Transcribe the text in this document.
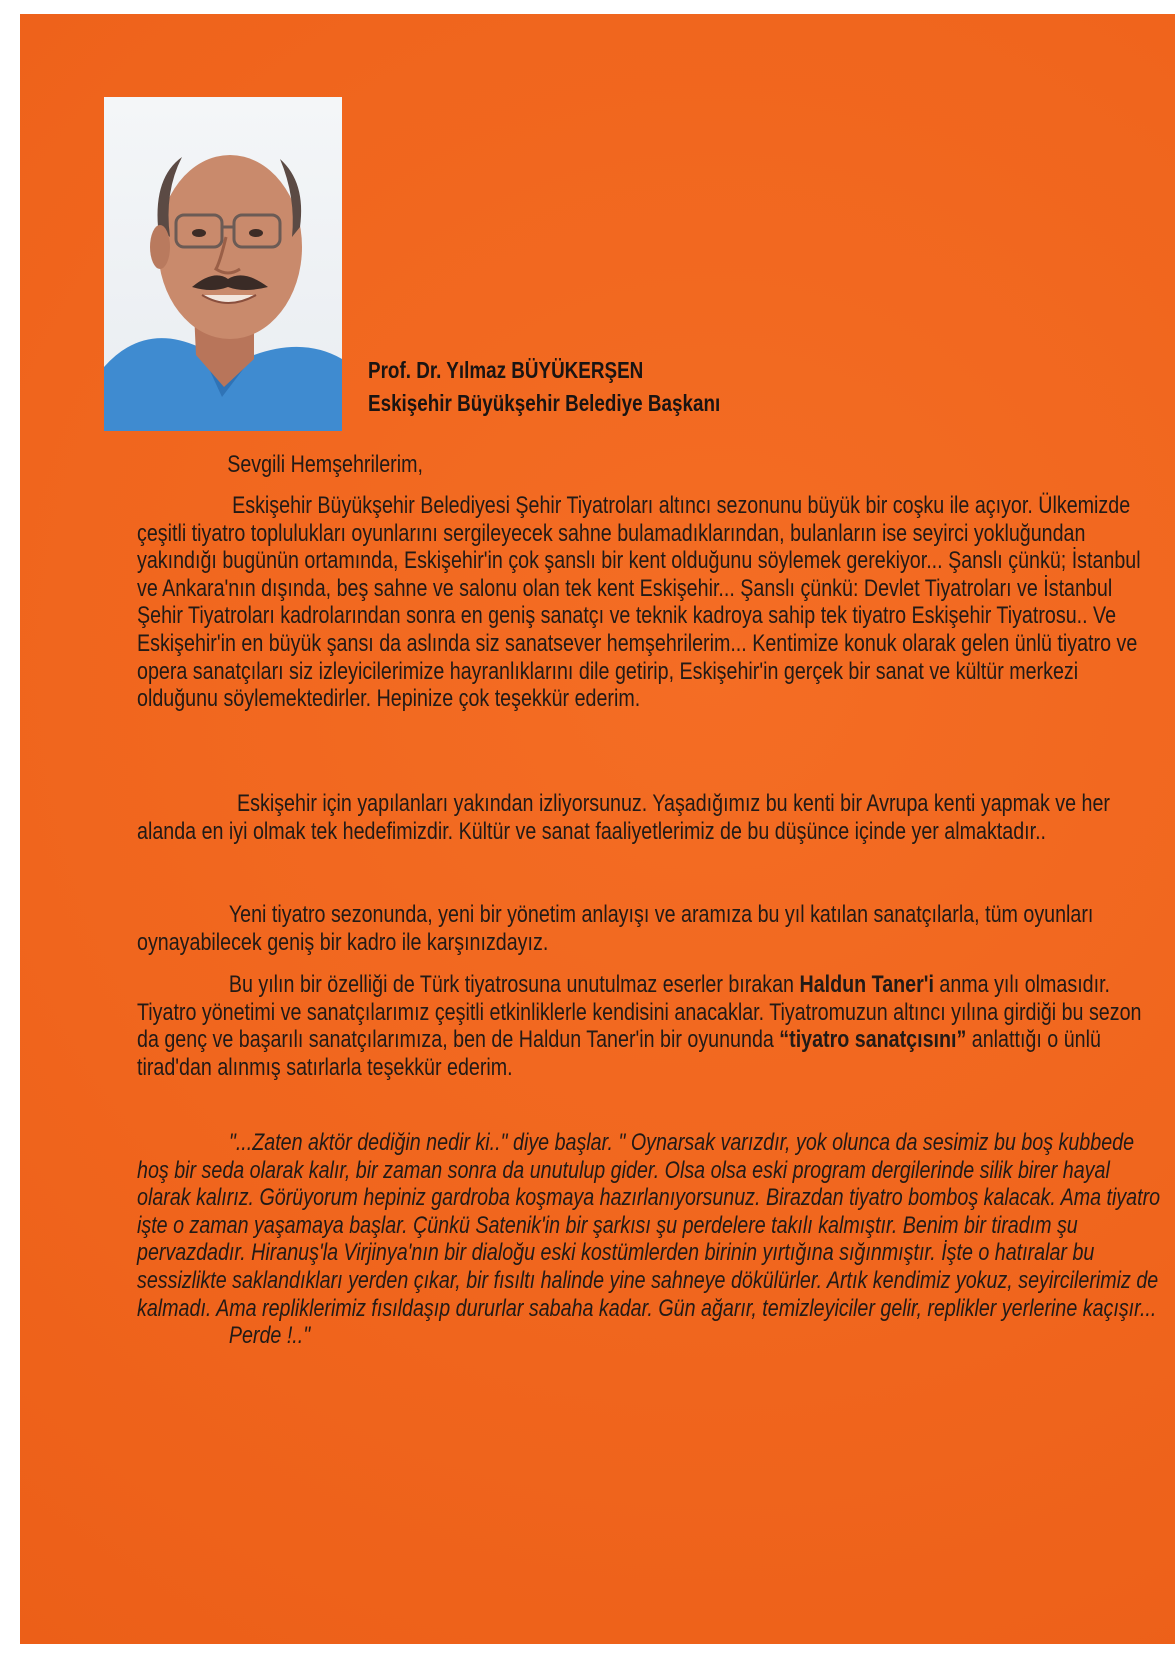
Prof. Dr. Yılmaz BÜYÜKERŞEN
Eskişehir Büyükşehir Belediye Başkanı
Sevgili Hemşehrilerim,
Eskişehir Büyükşehir Belediyesi Şehir Tiyatroları altıncı sezonunu büyük bir coşku ile açıyor. Ülkemizde çeşitli tiyatro toplulukları oyunlarını sergileyecek sahne bulamadıklarından, bulanların ise seyirci yokluğundan yakındığı bugünün ortamında, Eskişehir'in çok şanslı bir kent olduğunu söylemek gerekiyor... Şanslı çünkü; İstanbul ve Ankara'nın dışında, beş sahne ve salonu olan tek kent Eskişehir... Şanslı çünkü: Devlet Tiyatroları ve İstanbul Şehir Tiyatroları kadrolarından sonra en geniş sanatçı ve teknik kadroya sahip tek tiyatro Eskişehir Tiyatrosu.. Ve Eskişehir'in en büyük şansı da aslında siz sanatsever hemşehrilerim... Kentimize konuk olarak gelen ünlü tiyatro ve opera sanatçıları siz izleyicilerimize hayranlıklarını dile getirip, Eskişehir'in gerçek bir sanat ve kültür merkezi olduğunu söylemektedirler. Hepinize çok teşekkür ederim.
Eskişehir için yapılanları yakından izliyorsunuz. Yaşadığımız bu kenti bir Avrupa kenti yapmak ve her alanda en iyi olmak tek hedefimizdir. Kültür ve sanat faaliyetlerimiz de bu düşünce içinde yer almaktadır..
Yeni tiyatro sezonunda, yeni bir yönetim anlayışı ve aramıza bu yıl katılan sanatçılarla, tüm oyunları oynayabilecek geniş bir kadro ile karşınızdayız.
Bu yılın bir özelliği de Türk tiyatrosuna unutulmaz eserler bırakan Haldun Taner'i anma yılı olmasıdır. Tiyatro yönetimi ve sanatçılarımız çeşitli etkinliklerle kendisini anacaklar. Tiyatromuzun altıncı yılına girdiği bu sezon da genç ve başarılı sanatçılarımıza, ben de Haldun Taner'in bir oyununda “tiyatro sanatçısını” anlattığı o ünlü tirad'dan alınmış satırlarla teşekkür ederim.
"...Zaten aktör dediğin nedir ki.." diye başlar. " Oynarsak varızdır, yok olunca da sesimiz bu boş kubbede hoş bir seda olarak kalır, bir zaman sonra da unutulup gider. Olsa olsa eski program dergilerinde silik birer hayal olarak kalırız. Görüyorum hepiniz gardroba koşmaya hazırlanıyorsunuz. Birazdan tiyatro bomboş kalacak. Ama tiyatro işte o zaman yaşamaya başlar. Çünkü Satenik'in bir şarkısı şu perdelere takılı kalmıştır. Benim bir tiradım şu pervazdadır. Hiranuş'la Virjinya'nın bir dialoğu eski kostümlerden birinin yırtığına sığınmıştır. İşte o hatıralar bu sessizlikte saklandıkları yerden çıkar, bir fısıltı halinde yine sahneye dökülürler. Artık kendimiz yokuz, seyircilerimiz de kalmadı. Ama repliklerimiz fısıldaşıp dururlar sabaha kadar. Gün ağarır, temizleyiciler gelir, replikler yerlerine kaçışır...
Perde !.."
